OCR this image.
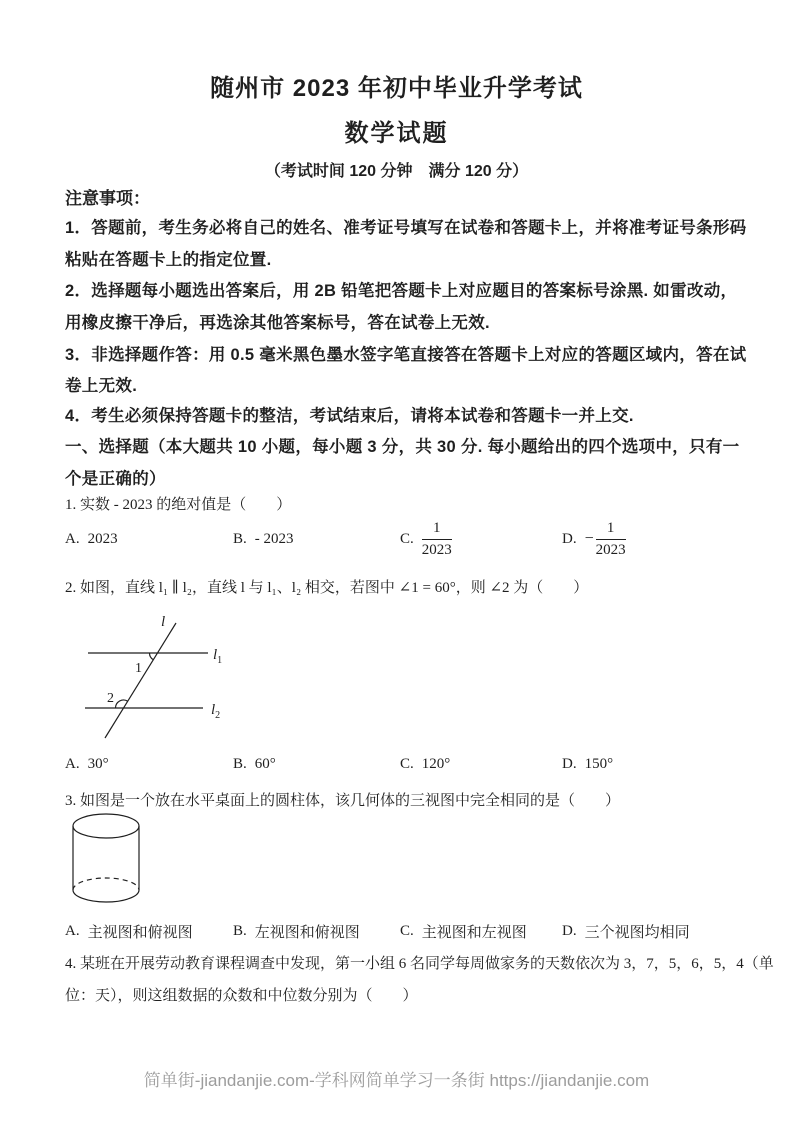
随州市 2023 年初中毕业升学考试
数学试题
（考试时间 120 分钟　满分 120 分）
注意事项：
1．答题前，考生务必将自己的姓名、准考证号填写在试卷和答题卡上，并将准考证号条形码
粘贴在答题卡上的指定位置.
2．选择题每小题选出答案后，用 2B 铅笔把答题卡上对应题目的答案标号涂黑. 如雷改动，
用橡皮擦干净后，再选涂其他答案标号，答在试卷上无效.
3．非选择题作答：用 0.5 毫米黑色墨水签字笔直接答在答题卡上对应的答题区域内，答在试
卷上无效.
4．考生必须保持答题卡的整洁，考试结束后，请将本试卷和答题卡一并上交.
一、选择题（本大题共 10 小题，每小题 3 分，共 30 分. 每小题给出的四个选项中，只有一
个是正确的）
1. 实数 - 2023 的绝对值是（　　）
A. 2023	B. - 2023	C. $\frac{1}{2023}$	D. − $\frac{1}{2023}$
2. 如图，直线 l₁ ∥ l₂，直线 l 与 l₁、l₂ 相交，若图中 ∠1 = 60°，则 ∠2 为（　　）
l
$l_1$
$l_2$
1
2
A. 30°	B. 60°	C. 120°	D. 150°
3. 如图是一个放在水平桌面上的圆柱体，该几何体的三视图中完全相同的是（　　）
A. 主视图和俯视图	B. 左视图和俯视图	C. 主视图和左视图 D. 三个视图均相同
4. 某班在开展劳动教育课程调查中发现，第一小组 6 名同学每周做家务的天数依次为 3，7，5，6，5，4（单
位：天），则这组数据的众数和中位数分别为（　　）
简单街-jiandanjie.com-学科网简单学习一条街 https://jiandanjie.com
